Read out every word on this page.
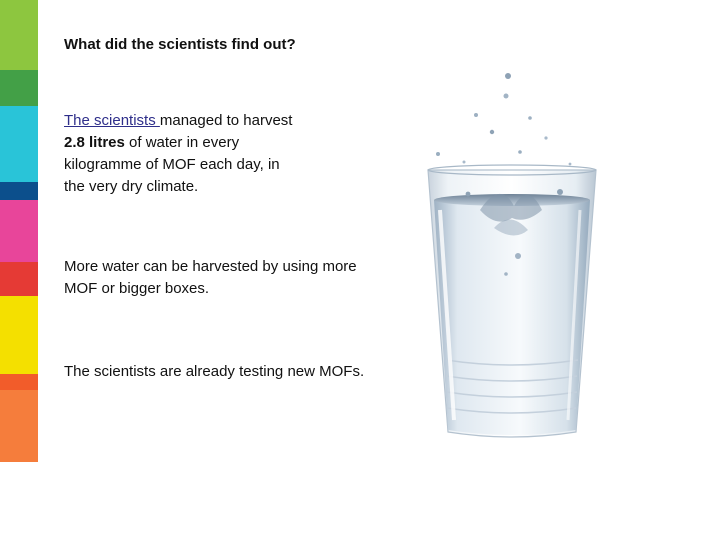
What did the scientists find out?
The scientists managed to harvest 2.8 litres of water in every kilogramme of MOF each day, in the very dry climate.
More water can be harvested by using more MOF or bigger boxes.
The scientists are already testing new MOFs.
